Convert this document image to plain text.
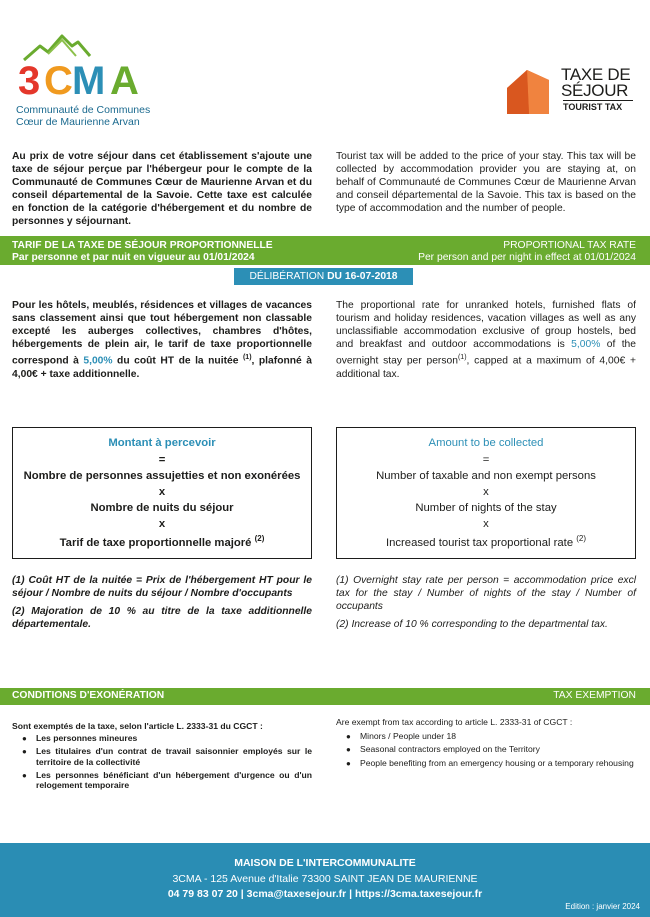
3 C M A
Communauté de Communes
Cœur de Maurienne Arvan
TAXE DE
SÉJOUR
TOURIST TAX
Au prix de votre séjour dans cet établissement s'ajoute une taxe de séjour perçue par l'hébergeur pour le compte de la Communauté de Communes Cœur de Maurienne Arvan et du conseil départemental de la Savoie. Cette taxe est calculée en fonction de la catégorie d'hébergement et du nombre de personnes y séjournant.
Tourist tax will be added to the price of your stay. This tax will be collected by accommodation provider you are staying at, on behalf of Communauté de Communes Cœur de Maurienne Arvan and conseil départemental de la Savoie. This tax is based on the type of accommodation and the number of people.
TARIF DE LA TAXE DE SÉJOUR PROPORTIONNELLE
Par personne et par nuit en vigueur au 01/01/2024
PROPORTIONAL TAX RATE
Per person and per night in effect at 01/01/2024
DÉLIBÉRATION DU 16-07-2018
Pour les hôtels, meublés, résidences et villages de vacances sans classement ainsi que tout hébergement non classable excepté les auberges collectives, chambres d'hôtes, hébergements de plein air, le tarif de taxe proportionnelle correspond à 5,00% du coût HT de la nuitée $^{(1)}$, plafonné à 4,00€ + taxe additionnelle.
The proportional rate for unranked hotels, furnished flats of tourism and holiday residences, vacation villages as well as any unclassifiable accommodation exclusive of group hostels, bed and breakfast and outdoor accommodations is 5,00% of the overnight stay per person$^{(1)}$, capped at a maximum of 4,00€ + additional tax.
Montant à percevoir
=
Nombre de personnes assujetties et non exonérées
x
Nombre de nuits du séjour
x
Tarif de taxe proportionnelle majoré $^{(2)}$
Amount to be collected
=
Number of taxable and non exempt persons
x
Number of nights of the stay
x
Increased tourist tax proportional rate $^{(2)}$
(1) Coût HT de la nuitée = Prix de l'hébergement HT pour le séjour / Nombre de nuits du séjour / Nombre d'occupants
(2) Majoration de 10 % au titre de la taxe additionnelle départementale.
(1) Overnight stay rate per person = accommodation price excl tax for the stay / Number of nights of the stay / Number of occupants
(2) Increase of 10 % corresponding to the departmental tax.
CONDITIONS D'EXONÉRATION	TAX EXEMPTION
Sont exemptés de la taxe, selon l'article L. 2333-31 du CGCT :
● Les personnes mineures
● Les titulaires d'un contrat de travail saisonnier employés sur le territoire de la collectivité
● Les personnes bénéficiant d'un hébergement d'urgence ou d'un relogement temporaire
Are exempt from tax according to article L. 2333-31 of CGCT :
● Minors / People under 18
● Seasonal contractors employed on the Territory
● People benefiting from an emergency housing or a temporary rehousing
MAISON DE L'INTERCOMMUNALITE
3CMA - 125 Avenue d'Italie 73300 SAINT JEAN DE MAURIENNE
04 79 83 07 20 | 3cma@taxesejour.fr | https://3cma.taxesejour.fr
Edition : janvier 2024
